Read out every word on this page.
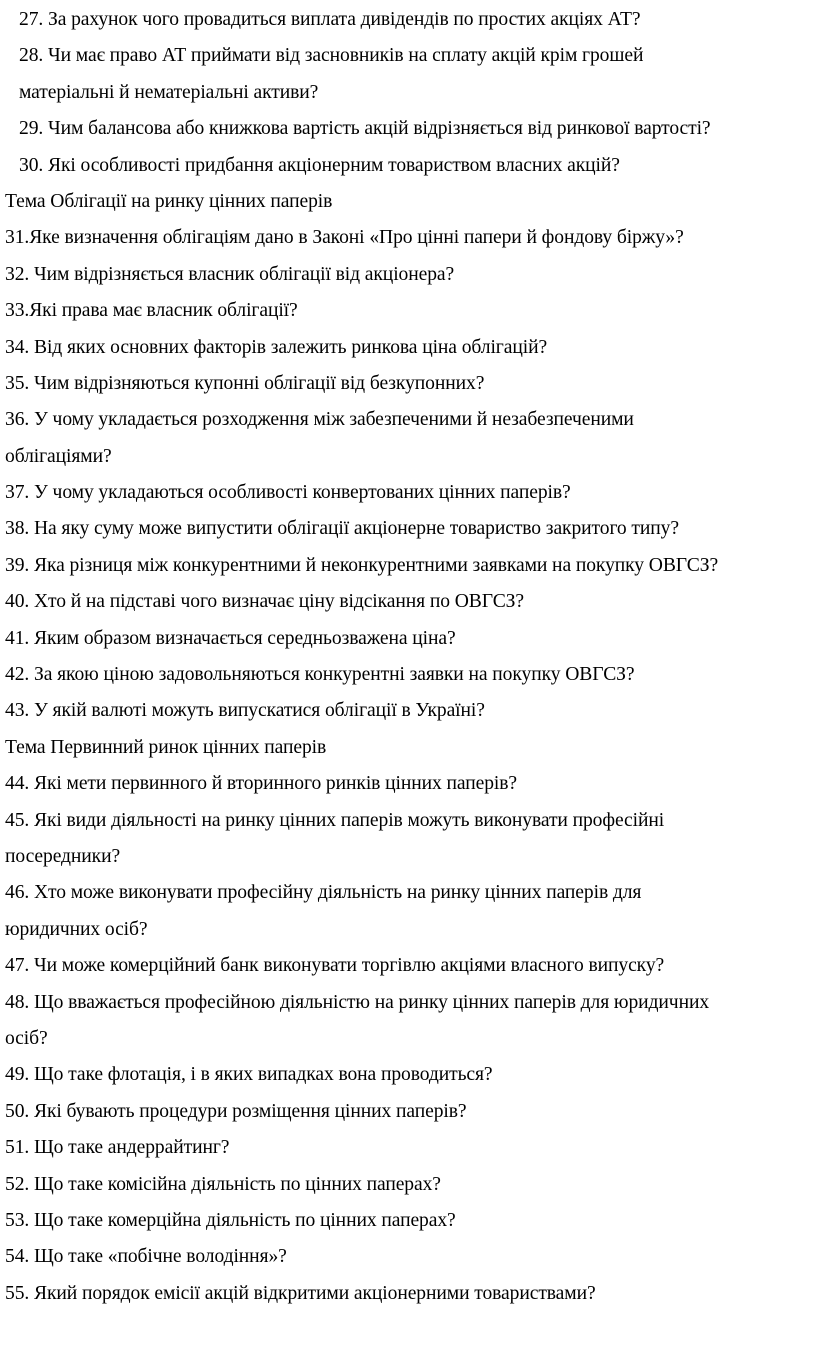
27. За рахунок чого провадиться виплата дивідендів по простих акціях АТ?
28. Чи має право АТ приймати від засновників на сплату акцій крім грошей
матеріальні й нематеріальні активи?
29. Чим балансова або книжкова вартість акцій відрізняється від ринкової вартості?
30. Які особливості придбання акціонерним товариством власних акцій?
Тема Облігації на ринку цінних паперів
31.Яке визначення облігаціям дано в Законі «Про цінні папери й фондову біржу»?
32. Чим відрізняється власник облігації від акціонера?
33.Які права має власник облігації?
34. Від яких основних факторів залежить ринкова ціна облігацій?
35. Чим відрізняються купонні облігації від безкупонних?
36. У чому укладається розходження між забезпеченими й незабезпеченими
облігаціями?
37. У чому укладаються особливості конвертованих цінних паперів?
38. На яку суму може випустити облігації акціонерне товариство закритого типу?
39. Яка різниця між конкурентними й неконкурентними заявками на покупку ОВГСЗ?
40. Хто й на підставі чого визначає ціну відсікання по ОВГСЗ?
41. Яким образом визначається середньозважена ціна?
42. За якою ціною задовольняються конкурентні заявки на покупку ОВГСЗ?
43. У якій валюті можуть випускатися облігації в Україні?
Тема Первинний ринок цінних паперів
44. Які мети первинного й вторинного ринків цінних паперів?
45. Які види діяльності на ринку цінних паперів можуть виконувати професійні
посередники?
46. Хто може виконувати професійну діяльність на ринку цінних паперів для
юридичних осіб?
47. Чи може комерційний банк виконувати торгівлю акціями власного випуску?
48. Що вважається професійною діяльністю на ринку цінних паперів для юридичних
осіб?
49. Що таке флотація, і в яких випадках вона проводиться?
50. Які бувають процедури розміщення цінних паперів?
51. Що таке андеррайтинг?
52. Що таке комісійна діяльність по цінних паперах?
53. Що таке комерційна діяльність по цінних паперах?
54. Що таке «побічне володіння»?
55. Який порядок емісії акцій відкритими акціонерними товариствами?
